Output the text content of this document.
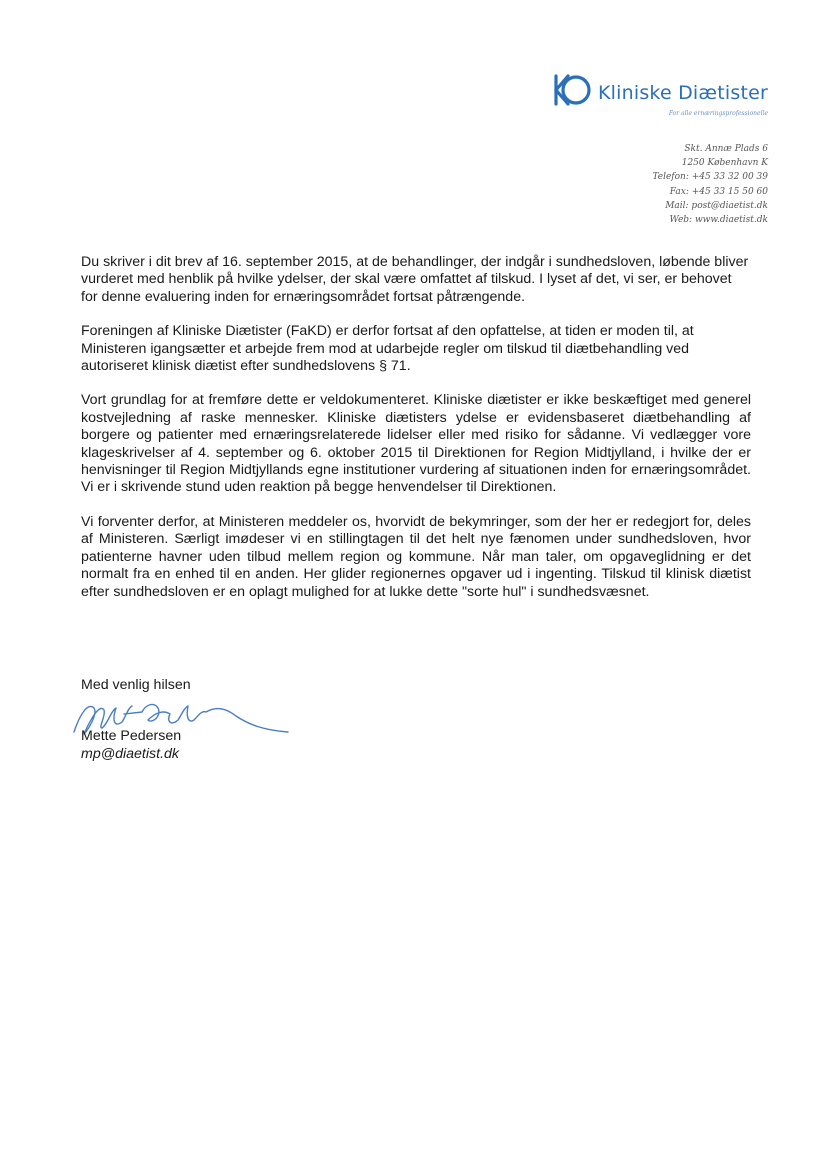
Kliniske Diætister
For alle ernæringsprofessionelle
Skt. Annæ Plads 6
1250 København K
Telefon: +45 33 32 00 39
Fax: +45 33 15 50 60
Mail: post@diaetist.dk
Web: www.diaetist.dk

Du skriver i dit brev af 16. september 2015, at de behandlinger, der indgår i sundhedsloven, løbende bliver vurderet med henblik på hvilke ydelser, der skal være omfattet af tilskud. I lyset af det, vi ser, er behovet for denne evaluering inden for ernæringsområdet fortsat påtrængende.

Foreningen af Kliniske Diætister (FaKD) er derfor fortsat af den opfattelse, at tiden er moden til, at Ministeren igangsætter et arbejde frem mod at udarbejde regler om tilskud til diætbehandling ved autoriseret klinisk diætist efter sundhedslovens § 71.

Vort grundlag for at fremføre dette er veldokumenteret. Kliniske diætister er ikke beskæftiget med generel kostvejledning af raske mennesker. Kliniske diætisters ydelse er evidensbaseret diætbehandling af borgere og patienter med ernæringsrelaterede lidelser eller med risiko for sådanne. Vi vedlægger vore klageskrivelser af 4. september og 6. oktober 2015 til Direktionen for Region Midtjylland, i hvilke der er henvisninger til Region Midtjyllands egne institutioner vurdering af situationen inden for ernæringsområdet. Vi er i skrivende stund uden reaktion på begge henvendelser til Direktionen.

Vi forventer derfor, at Ministeren meddeler os, hvorvidt de bekymringer, som der her er redegjort for, deles af Ministeren. Særligt imødeser vi en stillingtagen til det helt nye fænomen under sundhedsloven, hvor patienterne havner uden tilbud mellem region og kommune. Når man taler, om opgaveglidning er det normalt fra en enhed til en anden. Her glider regionernes opgaver ud i ingenting. Tilskud til klinisk diætist efter sundhedsloven er en oplagt mulighed for at lukke dette "sorte hul" i sundhedsvæsnet.

Med venlig hilsen
Mette Pedersen
mp@diaetist.dk
